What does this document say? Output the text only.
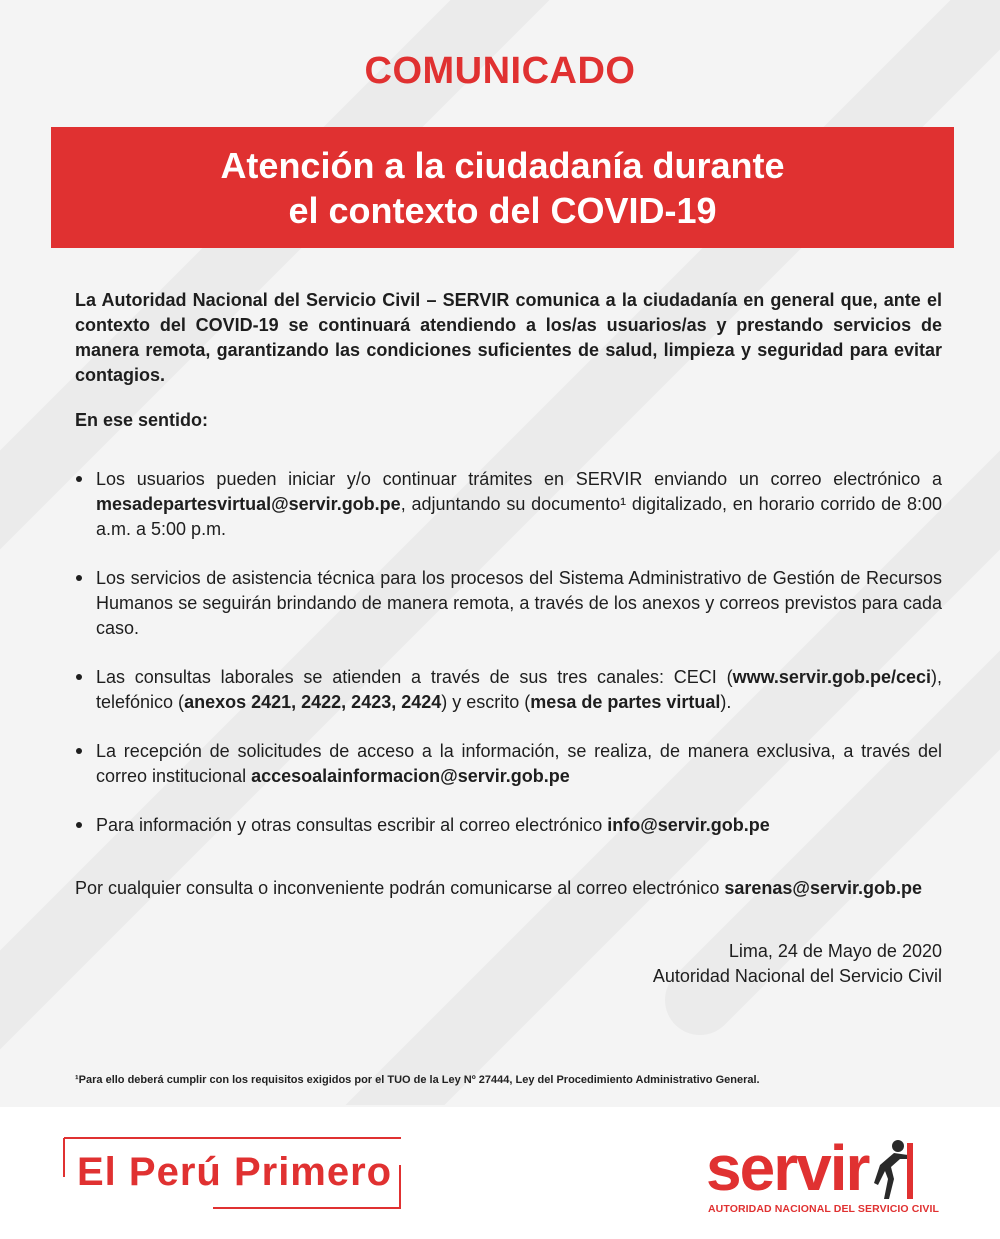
COMUNICADO
Atención a la ciudadanía durante
el contexto del COVID-19

La Autoridad Nacional del Servicio Civil – SERVIR comunica a la ciudadanía en general que, ante el contexto del COVID-19 se continuará atendiendo a los/as usuarios/as y prestando servicios de manera remota, garantizando las condiciones suficientes de salud, limpieza y seguridad para evitar contagios.

En ese sentido:

Los usuarios pueden iniciar y/o continuar trámites en SERVIR enviando un correo electrónico a mesadepartesvirtual@servir.gob.pe, adjuntando su documento¹ digitalizado, en horario corrido de 8:00 a.m. a 5:00 p.m.
Los servicios de asistencia técnica para los procesos del Sistema Administrativo de Gestión de Recursos Humanos se seguirán brindando de manera remota, a través de los anexos y correos previstos para cada caso.
Las consultas laborales se atienden a través de sus tres canales: CECI (www.servir.gob.pe/ceci), telefónico (anexos 2421, 2422, 2423, 2424) y escrito (mesa de partes virtual).
La recepción de solicitudes de acceso a la información, se realiza, de manera exclusiva, a través del correo institucional accesoalainformacion@servir.gob.pe
Para información y otras consultas escribir al correo electrónico info@servir.gob.pe

Por cualquier consulta o inconveniente podrán comunicarse al correo electrónico sarenas@servir.gob.pe

Lima, 24 de Mayo de 2020
Autoridad Nacional del Servicio Civil
¹Para ello deberá cumplir con los requisitos exigidos por el TUO de la Ley Nº 27444, Ley del Procedimiento Administrativo General.
El Perú Primero	servir
AUTORIDAD NACIONAL DEL SERVICIO CIVIL
